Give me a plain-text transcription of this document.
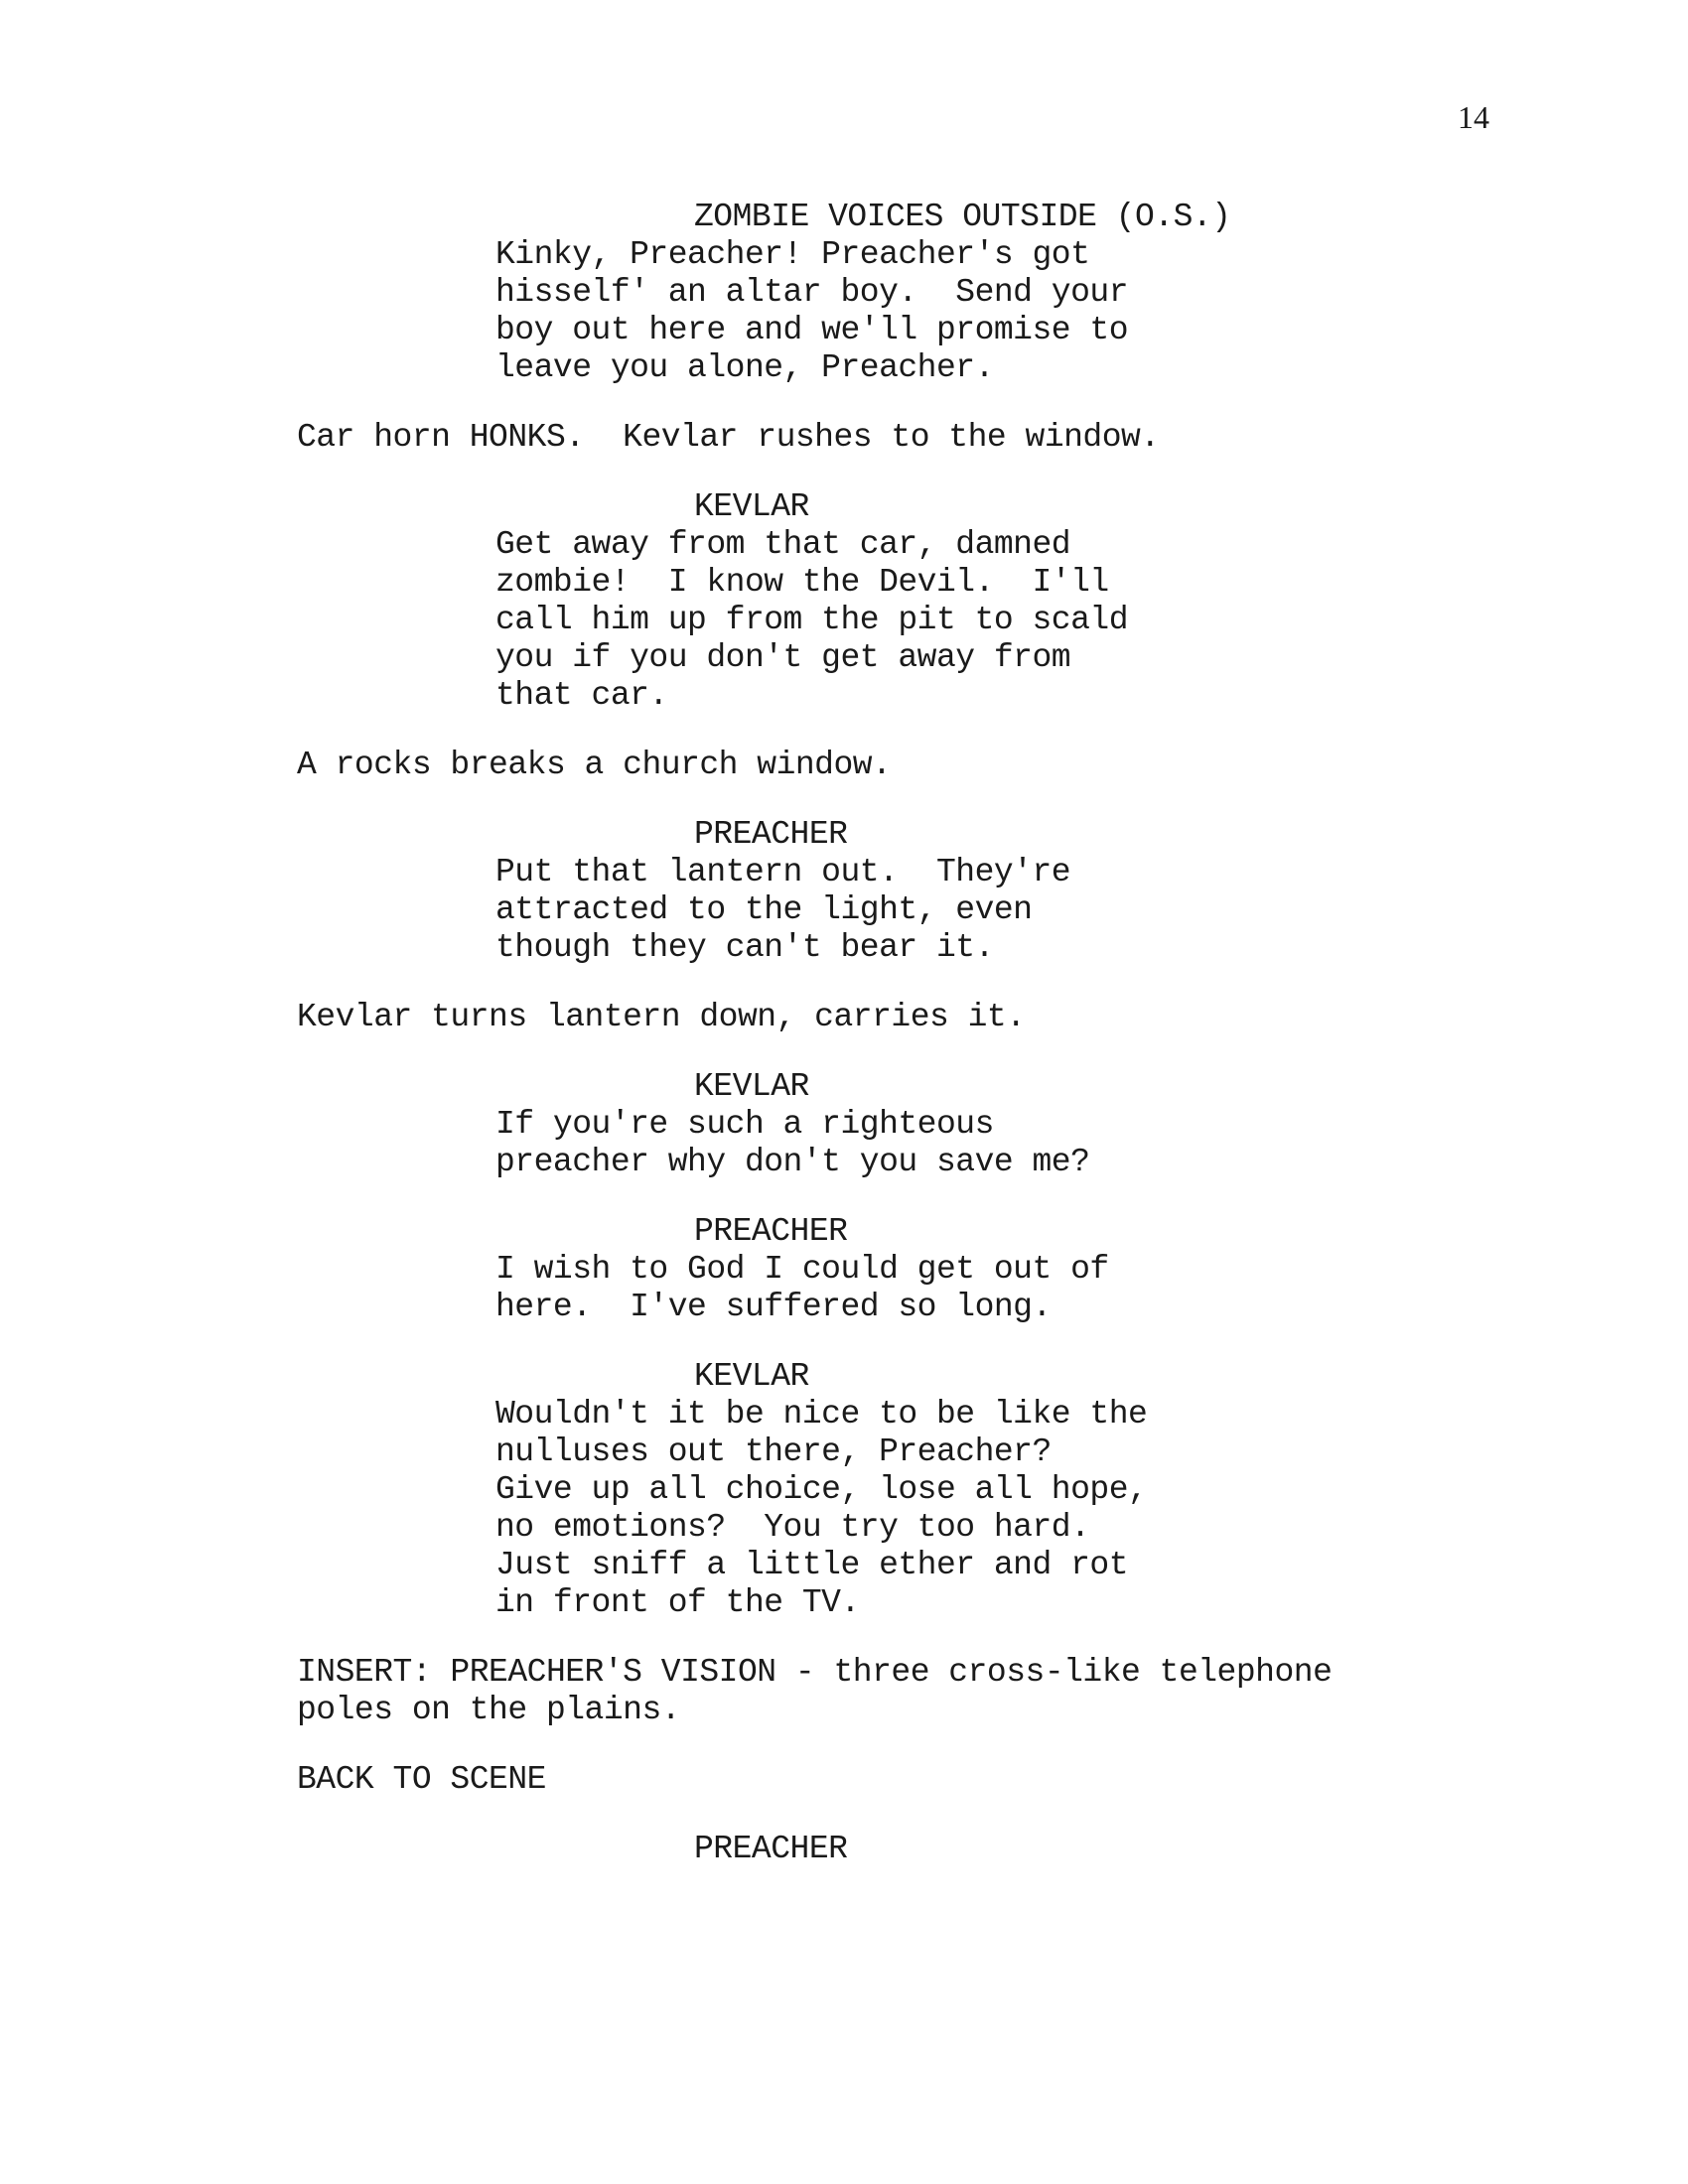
14
ZOMBIE VOICES OUTSIDE (O.S.)
Kinky, Preacher! Preacher's got
hisself' an altar boy.  Send your
boy out here and we'll promise to
leave you alone, Preacher.
Car horn HONKS.  Kevlar rushes to the window.
KEVLAR
Get away from that car, damned
zombie!  I know the Devil.  I'll
call him up from the pit to scald
you if you don't get away from
that car.
A rocks breaks a church window.
PREACHER
Put that lantern out.  They're
attracted to the light, even
though they can't bear it.
Kevlar turns lantern down, carries it.
KEVLAR
If you're such a righteous
preacher why don't you save me?
PREACHER
I wish to God I could get out of
here.  I've suffered so long.
KEVLAR
Wouldn't it be nice to be like the
nulluses out there, Preacher?
Give up all choice, lose all hope,
no emotions?  You try too hard.
Just sniff a little ether and rot
in front of the TV.
INSERT: PREACHER'S VISION - three cross-like telephone
poles on the plains.
BACK TO SCENE
PREACHER
